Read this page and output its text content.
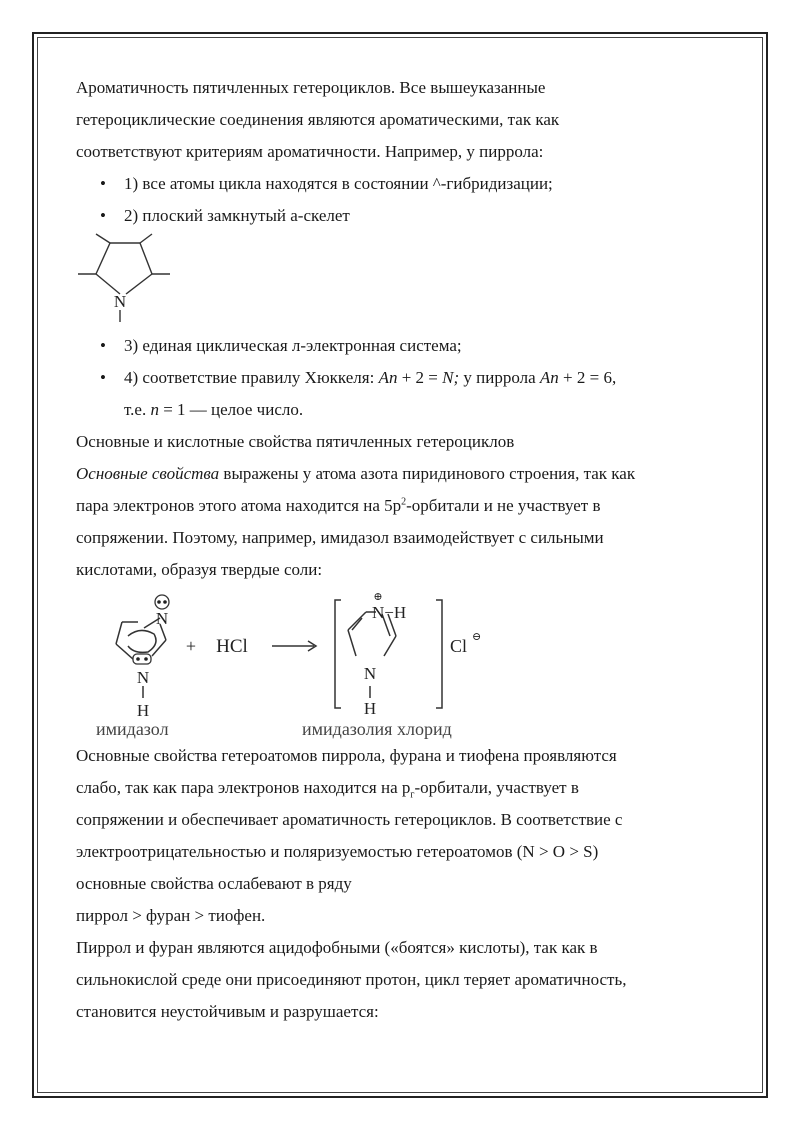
Ароматичность пятичленных гетероциклов. Все вышеуказанные
гетероциклические соединения являются ароматическими, так как
соответствуют критериям ароматичности. Например, у пиррола:
• 1) все атомы цикла находятся в состоянии ^-гибридизации;
• 2) плоский замкнутый а-скелет
N
• 3) единая циклическая л-электронная система;
• 4) соответствие правилу Хюккеля: An + 2 = N; у пиррола An + 2 = 6,
т.е. n = 1 — целое число.
Основные и кислотные свойства пятичленных гетероциклов
Основные свойства выражены у атома азота пиридинового строения, так как
пара электронов этого атома находится на $5р^2$-орбитали и не участвует в
сопряжении. Поэтому, например, имидазол взаимодействует с сильными
кислотами, образуя твердые соли:
N
N
H
+ HCl
N−H
⊕
N
H
Cl ⊖
имидазол	имидазолия хлорид
Основные свойства гетероатомов пиррола, фурана и тиофена проявляются
слабо, так как пара электронов находится на $р_г$-орбитали, участвует в
сопряжении и обеспечивает ароматичность гетероциклов. В соответствие с
электроотрицательностью и поляризуемостью гетероатомов (N > О > S)
основные свойства ослабевают в ряду
пиррол > фуран > тиофен.
Пиррол и фуран являются ацидофобными («боятся» кислоты), так как в
сильнокислой среде они присоединяют протон, цикл теряет ароматичность,
становится неустойчивым и разрушается:
